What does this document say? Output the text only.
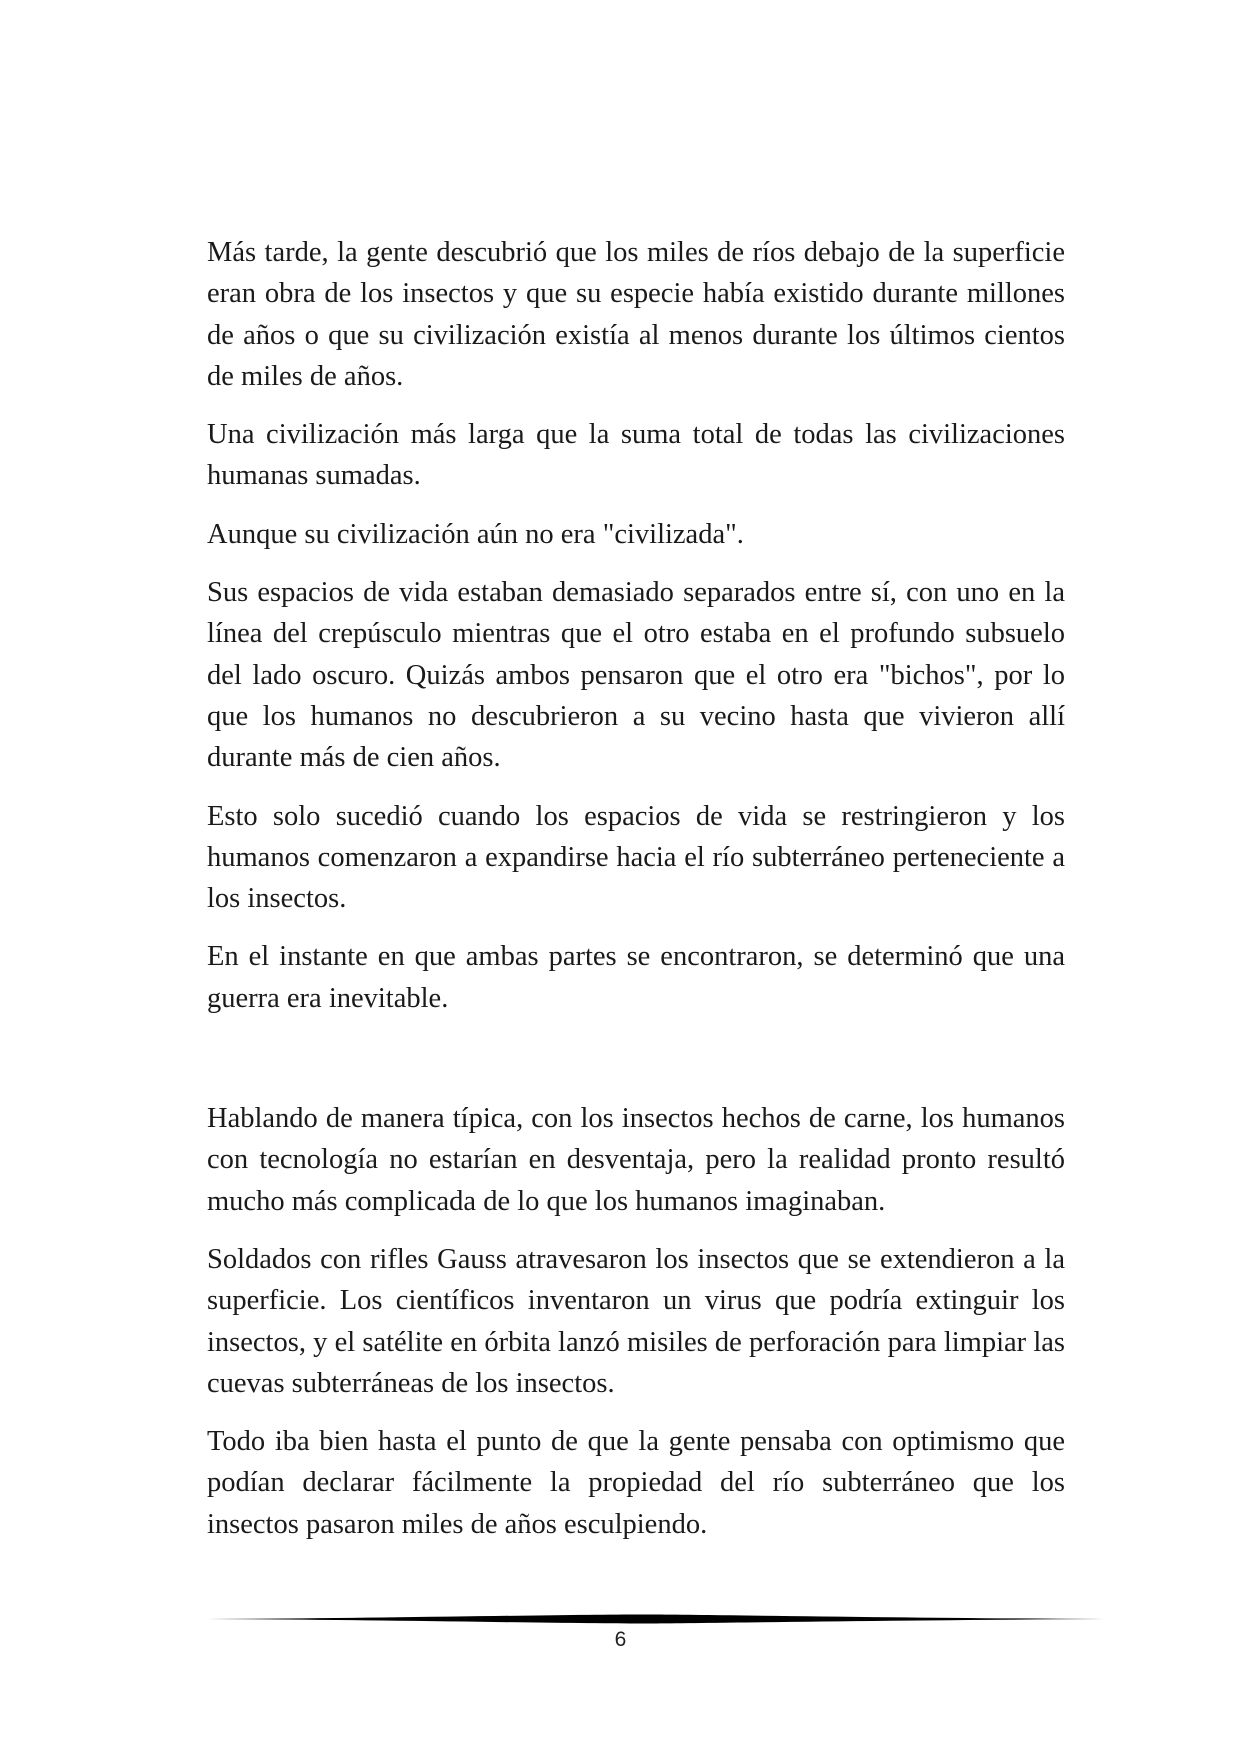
Más tarde, la gente descubrió que los miles de ríos debajo de la superficie eran obra de los insectos y que su especie había existido durante millones de años o que su civilización existía al menos durante los últimos cientos de miles de años.

Una civilización más larga que la suma total de todas las civilizaciones humanas sumadas.

Aunque su civilización aún no era "civilizada".

Sus espacios de vida estaban demasiado separados entre sí, con uno en la línea del crepúsculo mientras que el otro estaba en el profundo subsuelo del lado oscuro. Quizás ambos pensaron que el otro era "bichos", por lo que los humanos no descubrieron a su vecino hasta que vivieron allí durante más de cien años.

Esto solo sucedió cuando los espacios de vida se restringieron y los humanos comenzaron a expandirse hacia el río subterráneo perteneciente a los insectos.

En el instante en que ambas partes se encontraron, se determinó que una guerra era inevitable.

Hablando de manera típica, con los insectos hechos de carne, los humanos con tecnología no estarían en desventaja, pero la realidad pronto resultó mucho más complicada de lo que los humanos imaginaban.

Soldados con rifles Gauss atravesaron los insectos que se extendieron a la superficie. Los científicos inventaron un virus que podría extinguir los insectos, y el satélite en órbita lanzó misiles de perforación para limpiar las cuevas subterráneas de los insectos.

Todo iba bien hasta el punto de que la gente pensaba con optimismo que podían declarar fácilmente la propiedad del río subterráneo que los insectos pasaron miles de años esculpiendo.

6
